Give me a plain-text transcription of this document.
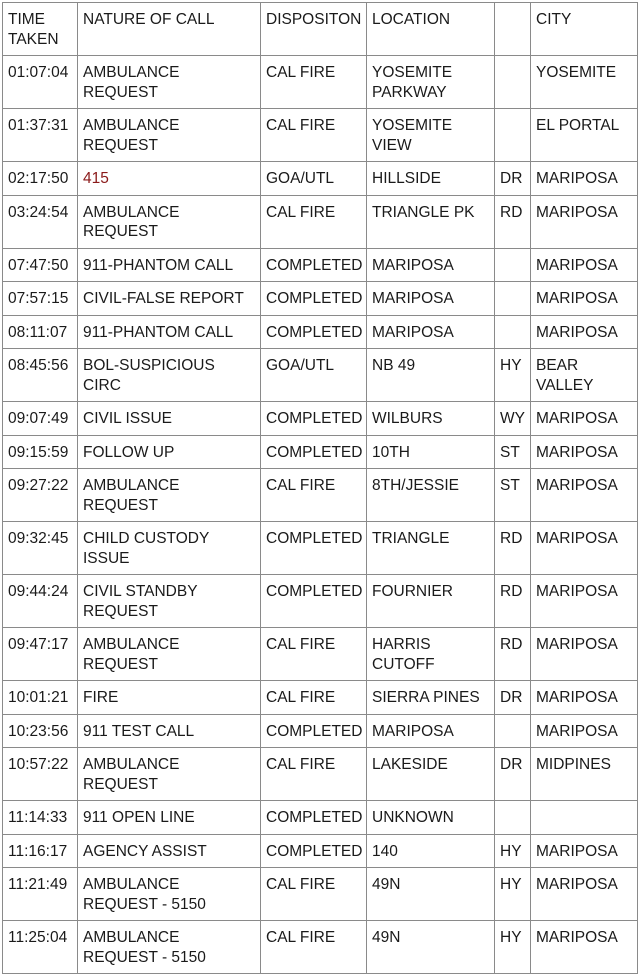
TIME TAKEN	NATURE OF CALL	DISPOSITON	LOCATION		CITY
01:07:04	AMBULANCE REQUEST	CAL FIRE	YOSEMITE PARKWAY		YOSEMITE
01:37:31	AMBULANCE REQUEST	CAL FIRE	YOSEMITE VIEW		EL PORTAL
02:17:50	415	GOA/UTL	HILLSIDE	DR	MARIPOSA
03:24:54	AMBULANCE REQUEST	CAL FIRE	TRIANGLE PK	RD	MARIPOSA
07:47:50	911-PHANTOM CALL	COMPLETED	MARIPOSA		MARIPOSA
07:57:15	CIVIL-FALSE REPORT	COMPLETED	MARIPOSA		MARIPOSA
08:11:07	911-PHANTOM CALL	COMPLETED	MARIPOSA		MARIPOSA
08:45:56	BOL-SUSPICIOUS CIRC	GOA/UTL	NB 49	HY	BEAR VALLEY
09:07:49	CIVIL ISSUE	COMPLETED	WILBURS	WY	MARIPOSA
09:15:59	FOLLOW UP	COMPLETED	10TH	ST	MARIPOSA
09:27:22	AMBULANCE REQUEST	CAL FIRE	8TH/JESSIE	ST	MARIPOSA
09:32:45	CHILD CUSTODY ISSUE	COMPLETED	TRIANGLE	RD	MARIPOSA
09:44:24	CIVIL STANDBY REQUEST	COMPLETED	FOURNIER	RD	MARIPOSA
09:47:17	AMBULANCE REQUEST	CAL FIRE	HARRIS CUTOFF	RD	MARIPOSA
10:01:21	FIRE	CAL FIRE	SIERRA PINES	DR	MARIPOSA
10:23:56	911 TEST CALL	COMPLETED	MARIPOSA		MARIPOSA
10:57:22	AMBULANCE REQUEST	CAL FIRE	LAKESIDE	DR	MIDPINES
11:14:33	911 OPEN LINE	COMPLETED	UNKNOWN		
11:16:17	AGENCY ASSIST	COMPLETED	140	HY	MARIPOSA
11:21:49	AMBULANCE REQUEST - 5150	CAL FIRE	49N	HY	MARIPOSA
11:25:04	AMBULANCE REQUEST - 5150	CAL FIRE	49N	HY	MARIPOSA
